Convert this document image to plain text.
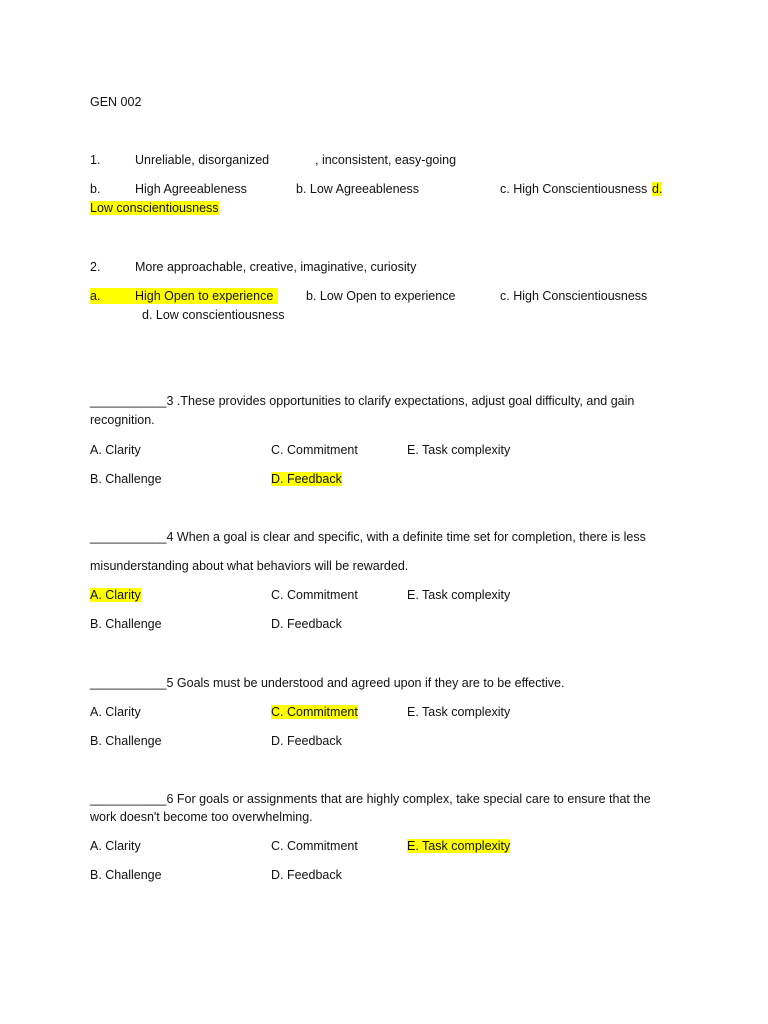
GEN 002
1.	Unreliable, disorganized	, inconsistent, easy-going
b.	High Agreeableness	b. Low Agreeableness	c. High Conscientiousness d.
Low conscientiousness
2.	More approachable, creative, imaginative, curiosity
a.	High Open to experience	b. Low Open to experience	c. High Conscientiousness
d. Low conscientiousness
___________3 .These provides opportunities to clarify expectations, adjust goal difficulty, and gain
recognition.
A. Clarity	C. Commitment	E. Task complexity
B. Challenge	D. Feedback
___________4 When a goal is clear and specific, with a definite time set for completion, there is less
misunderstanding about what behaviors will be rewarded.
A. Clarity	C. Commitment	E. Task complexity
B. Challenge	D. Feedback
___________5 Goals must be understood and agreed upon if they are to be effective.
A. Clarity	C. Commitment	E. Task complexity
B. Challenge	D. Feedback
___________6 For goals or assignments that are highly complex, take special care to ensure that the
work doesn't become too overwhelming.
A. Clarity	C. Commitment	E. Task complexity
B. Challenge	D. Feedback
